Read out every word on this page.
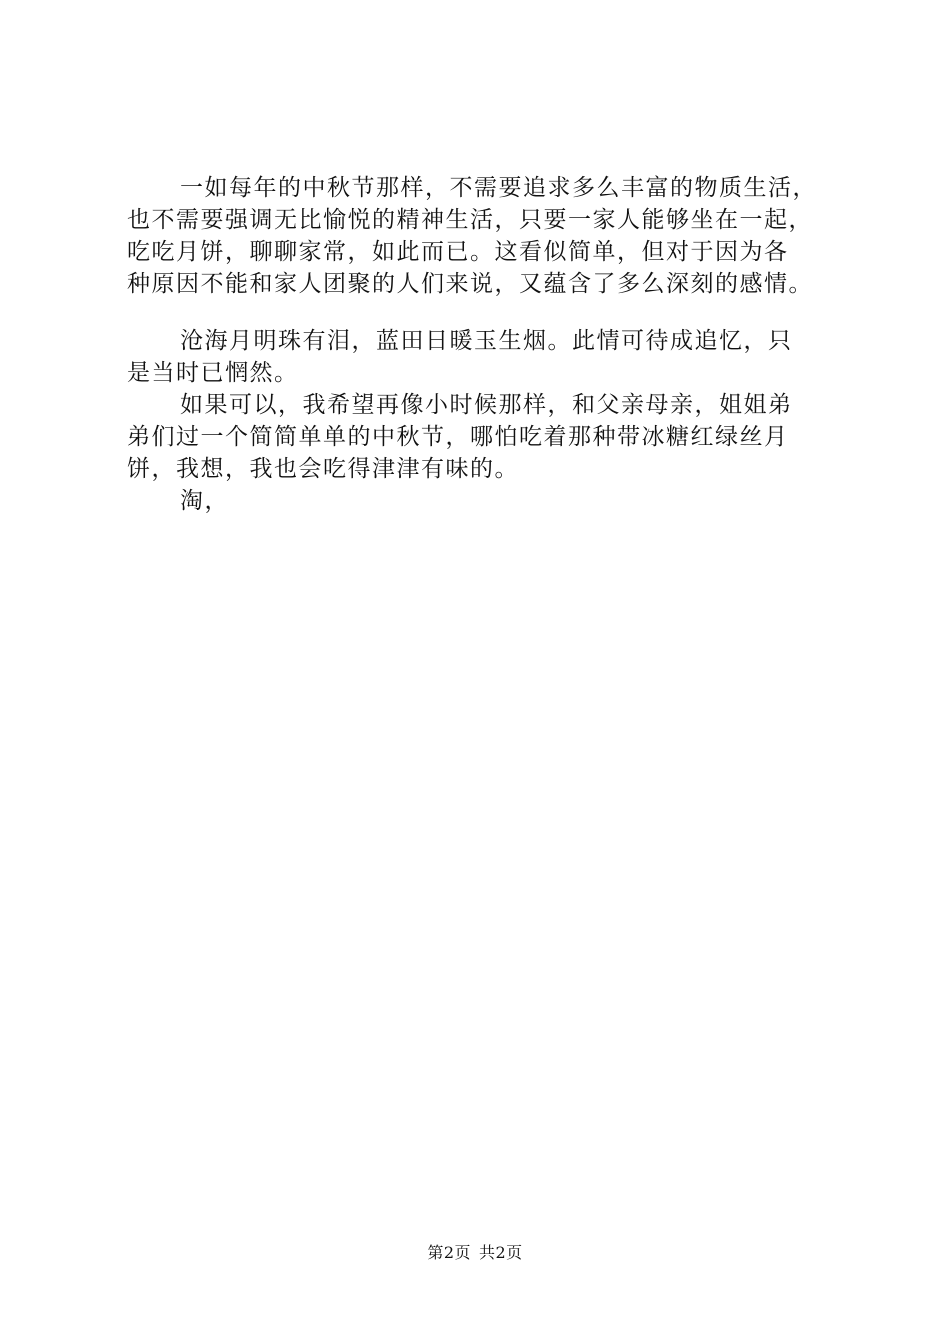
一如每年的中秋节那样，不需要追求多么丰富的物质生活，
也不需要强调无比愉悦的精神生活，只要一家人能够坐在一起，
吃吃月饼，聊聊家常，如此而已。这看似简单，但对于因为各
种原因不能和家人团聚的人们来说，又蕴含了多么深刻的感情。
沧海月明珠有泪，蓝田日暖玉生烟。此情可待成追忆，只
是当时已惘然。
如果可以，我希望再像小时候那样，和父亲母亲，姐姐弟
弟们过一个简简单单的中秋节，哪怕吃着那种带冰糖红绿丝月
饼，我想，我也会吃得津津有味的。
淘，
第2页 共2页
